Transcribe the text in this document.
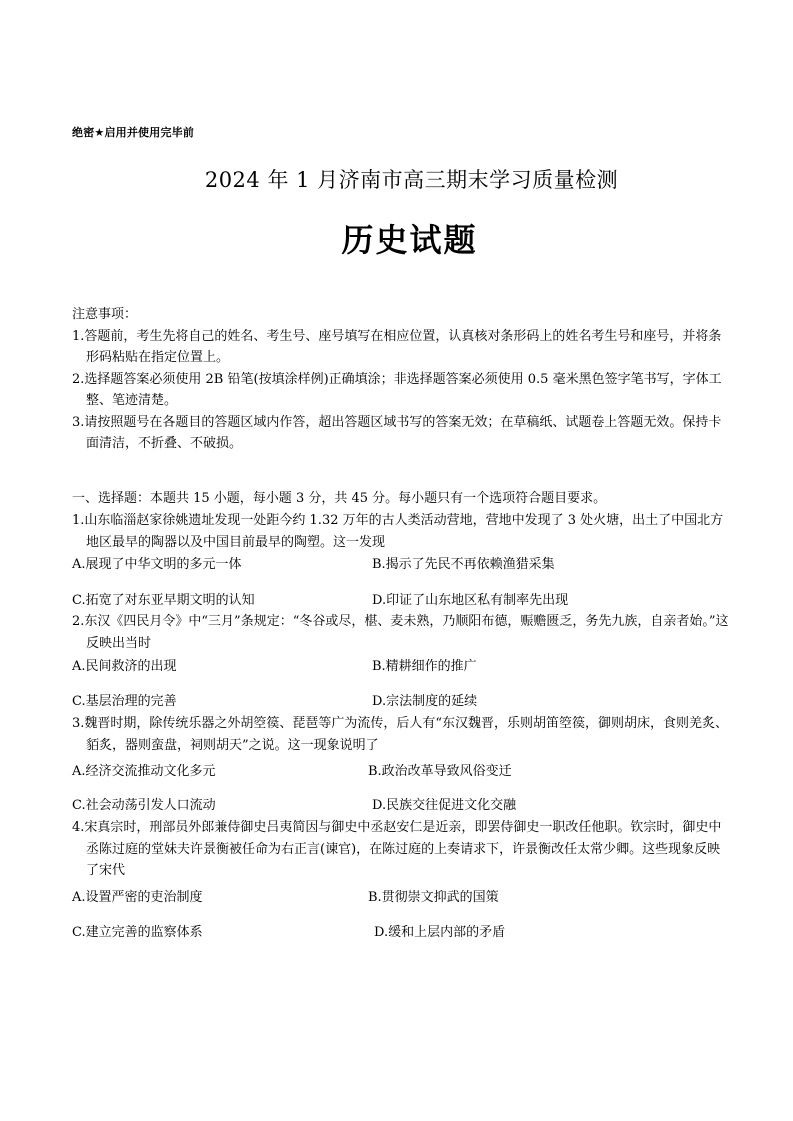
绝密★启用并使用完毕前
2024 年 1 月济南市高三期末学习质量检测
历史试题

注意事项：

1.答题前，考生先将自己的姓名、考生号、座号填写在相应位置，认真核对条形码上的姓名考生号和座号，并将条形码粘贴在指定位置上。

2.选择题答案必须使用 2B 铅笔(按填涂样例)正确填涂；非选择题答案必须使用 0.5 毫米黑色签字笔书写，字体工整、笔迹清楚。

3.请按照题号在各题目的答题区域内作答，超出答题区域书写的答案无效；在草稿纸、试题卷上答题无效。保持卡面清洁，不折叠、不破损。

一、选择题：本题共 15 小题，每小题 3 分，共 45 分。每小题只有一个选项符合题目要求。

1.山东临淄赵家徐姚遗址发现一处距今约 1.32 万年的古人类活动营地，营地中发现了 3 处火塘，出土了中国北方地区最早的陶器以及中国目前最早的陶塑。这一发现

A.展现了中华文明的多元一体	B.揭示了先民不再依赖渔猎采集
C.拓宽了对东亚早期文明的认知	D.印证了山东地区私有制率先出现

2.东汉《四民月令》中“三月”条规定：“冬谷或尽，椹、麦未熟，乃顺阳布德，赈赡匮乏，务先九族，自亲者始。”这反映出当时

A.民间救济的出现	B.精耕细作的推广
C.基层治理的完善	D.宗法制度的延续

3.魏晋时期，除传统乐器之外胡箜篌、琵琶等广为流传，后人有“东汉魏晋，乐则胡笛箜篌，御则胡床，食则羌炙、貊炙，器则蛮盘，祠则胡天”之说。这一现象说明了

A.经济交流推动文化多元	B.政治改革导致风俗变迁
C.社会动荡引发人口流动	D.民族交往促进文化交融

4.宋真宗时，刑部员外郎兼侍御史吕夷简因与御史中丞赵安仁是近亲，即罢侍御史一职改任他职。钦宗时，御史中丞陈过庭的堂妹夫许景衡被任命为右正言(谏官)，在陈过庭的上奏请求下，许景衡改任太常少卿。这些现象反映了宋代

A.设置严密的吏治制度	B.贯彻崇文抑武的国策
C.建立完善的监察体系	D.缓和上层内部的矛盾
